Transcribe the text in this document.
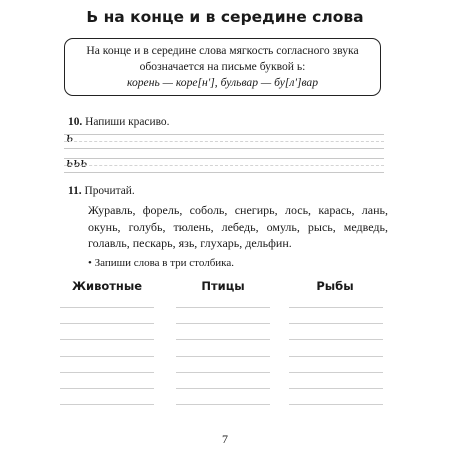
Ь на конце и в середине слова
На конце и в середине слова мягкость согласного звука
обозначается на письме буквой ь:
корень — коре[н'], бульвар — бу[л']вар
10. Напиши красиво.
ь
ььь
11. Прочитай.
Журавль, форель, соболь, снегирь, лось, карась, лань, окунь, голубь, тюлень, лебедь, омуль, рысь, медведь, голавль, пескарь, язь, глухарь, дельфин.
• Запиши слова в три столбика.
Животные	Птицы	Рыбы
7
